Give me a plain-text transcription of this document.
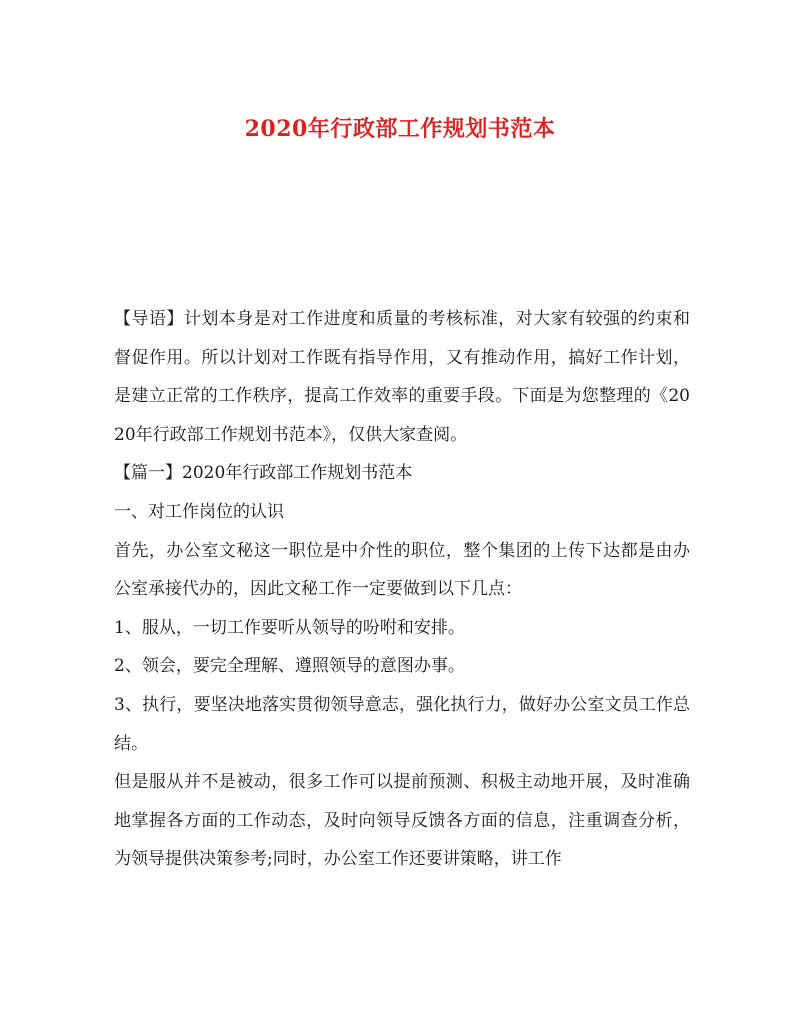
2020年行政部工作规划书范本

【导语】计划本身是对工作进度和质量的考核标准，对大家有较强的约束和督促作用。所以计划对工作既有指导作用，又有推动作用，搞好工作计划，是建立正常的工作秩序，提高工作效率的重要手段。下面是为您整理的《2020年行政部工作规划书范本》，仅供大家查阅。

【篇一】2020年行政部工作规划书范本

一、对工作岗位的认识

首先，办公室文秘这一职位是中介性的职位，整个集团的上传下达都是由办公室承接代办的，因此文秘工作一定要做到以下几点：

1、服从，一切工作要听从领导的吩咐和安排。

2、领会，要完全理解、遵照领导的意图办事。

3、执行，要坚决地落实贯彻领导意志，强化执行力，做好办公室文员工作总结。

但是服从并不是被动，很多工作可以提前预测、积极主动地开展，及时准确地掌握各方面的工作动态，及时向领导反馈各方面的信息，注重调查分析，为领导提供决策参考;同时，办公室工作还要讲策略，讲工作
